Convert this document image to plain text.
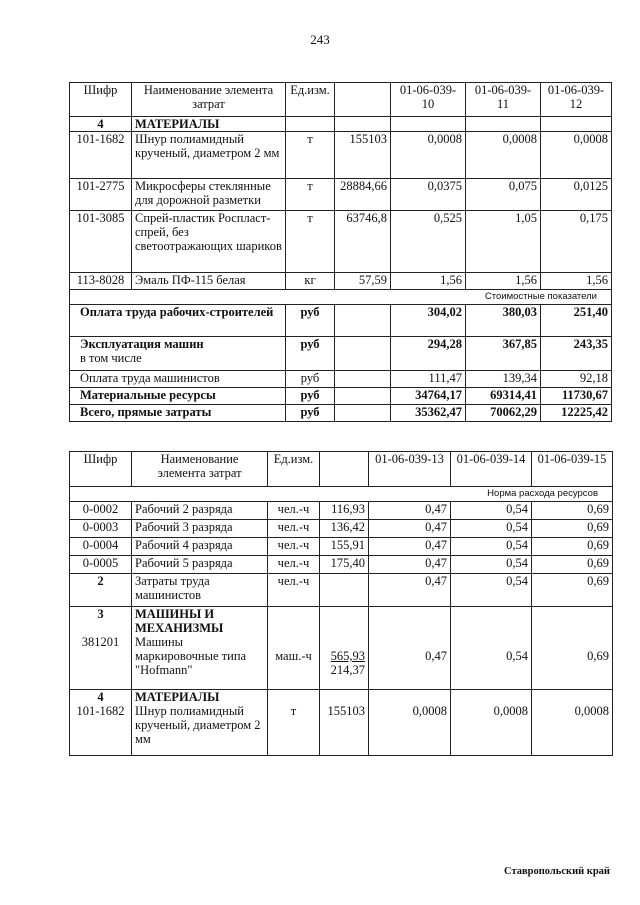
243
Шифр	Наименование элемента затрат	Ед.изм.		01-06-039-10	01-06-039-11	01-06-039-12
4	МАТЕРИАЛЫ					
101-1682	Шнур полиамидный крученый, диаметром 2 мм	т	155103	0,0008	0,0008	0,0008
101-2775	Микросферы стеклянные для дорожной разметки	т	28884,66	0,0375	0,075	0,0125
101-3085	Спрей-пластик Роспласт-спрей, без светоотражающих шариков	т	63746,8	0,525	1,05	0,175
113-8028	Эмаль ПФ-115 белая	кг	57,59	1,56	1,56	1,56
Стоимостные показатели						
Оплата труда рабочих-строителей		руб		304,02	380,03	251,40
Эксплуатация машин
в том числе		руб		294,28	367,85	243,35
Оплата труда машинистов		руб		111,47	139,34	92,18
Материальные ресурсы		руб		34764,17	69314,41	11730,67
Всего, прямые затраты		руб		35362,47	70062,29	12225,42
Шифр	Наименование элемента затрат	Ед.изм.		01-06-039-13	01-06-039-14	01-06-039-15
Норма расхода ресурсов						
0-0002	Рабочий 2 разряда	чел.-ч	116,93	0,47	0,54	0,69
0-0003	Рабочий 3 разряда	чел.-ч	136,42	0,47	0,54	0,69
0-0004	Рабочий 4 разряда	чел.-ч	155,91	0,47	0,54	0,69
0-0005	Рабочий 5 разряда	чел.-ч	175,40	0,47	0,54	0,69
2	Затраты труда машинистов	чел.-ч		0,47	0,54	0,69
3

381201	МАШИНЫ И МЕХАНИЗМЫ
Машины маркировочные типа "Hofmann"	маш.-ч	565,93
214,37	0,47	0,54	0,69
4
101-1682	МАТЕРИАЛЫ
Шнур полиамидный крученый, диаметром 2 мм	т	155103	0,0008	0,0008	0,0008
Ставропольский край
